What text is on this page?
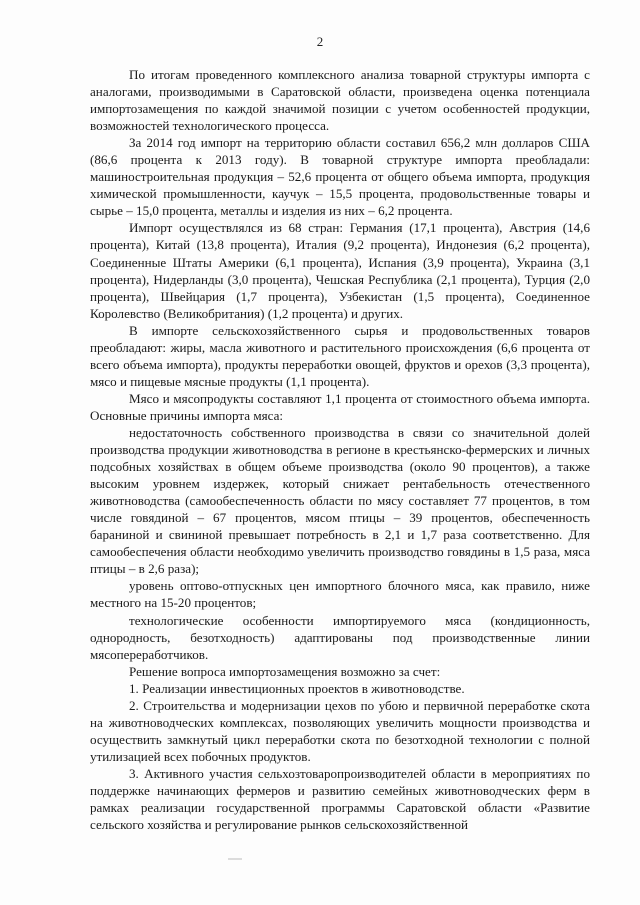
2

По итогам проведенного комплексного анализа товарной структуры импорта с аналогами, производимыми в Саратовской области, произведена оценка потенциала импортозамещения по каждой значимой позиции с учетом особенностей продукции, возможностей технологического процесса.

За 2014 год импорт на территорию области составил 656,2 млн долларов США (86,6 процента к 2013 году). В товарной структуре импорта преобладали: машиностроительная продукция – 52,6 процента от общего объема импорта, продукция химической промышленности, каучук – 15,5 процента, продовольственные товары и сырье – 15,0 процента, металлы и изделия из них – 6,2 процента.

Импорт осуществлялся из 68 стран: Германия (17,1 процента), Австрия (14,6 процента), Китай (13,8 процента), Италия (9,2 процента), Индонезия (6,2 процента), Соединенные Штаты Америки (6,1 процента), Испания (3,9 процента), Украина (3,1 процента), Нидерланды (3,0 процента), Чешская Республика (2,1 процента), Турция (2,0 процента), Швейцария (1,7 процента), Узбекистан (1,5 процента), Соединенное Королевство (Великобритания) (1,2 процента) и других.

В импорте сельскохозяйственного сырья и продовольственных товаров преобладают: жиры, масла животного и растительного происхождения (6,6 процента от всего объема импорта), продукты переработки овощей, фруктов и орехов (3,3 процента), мясо и пищевые мясные продукты (1,1 процента).

Мясо и мясопродукты составляют 1,1 процента от стоимостного объема импорта. Основные причины импорта мяса:

недостаточность собственного производства в связи со значительной долей производства продукции животноводства в регионе в крестьянско-фермерских и личных подсобных хозяйствах в общем объеме производства (около 90 процентов), а также высоким уровнем издержек, который снижает рентабельность отечественного животноводства (самообеспеченность области по мясу составляет 77 процентов, в том числе говядиной – 67 процентов, мясом птицы – 39 процентов, обеспеченность бараниной и свининой превышает потребность в 2,1 и 1,7 раза соответственно. Для самообеспечения области необходимо увеличить производство говядины в 1,5 раза, мяса птицы – в 2,6 раза);

уровень оптово-отпускных цен импортного блочного мяса, как правило, ниже местного на 15-20 процентов;

технологические особенности импортируемого мяса (кондиционность, однородность, безотходность) адаптированы под производственные линии мясопереработчиков.

Решение вопроса импортозамещения возможно за счет:

1. Реализации инвестиционных проектов в животноводстве.

2. Строительства и модернизации цехов по убою и первичной переработке скота на животноводческих комплексах, позволяющих увеличить мощности производства и осуществить замкнутый цикл переработки скота по безотходной технологии с полной утилизацией всех побочных продуктов.

3. Активного участия сельхозтоваропроизводителей области в мероприятиях по поддержке начинающих фермеров и развитию семейных животноводческих ферм в рамках реализации государственной программы Саратовской области «Развитие сельского хозяйства и регулирование рынков сельскохозяйственной
